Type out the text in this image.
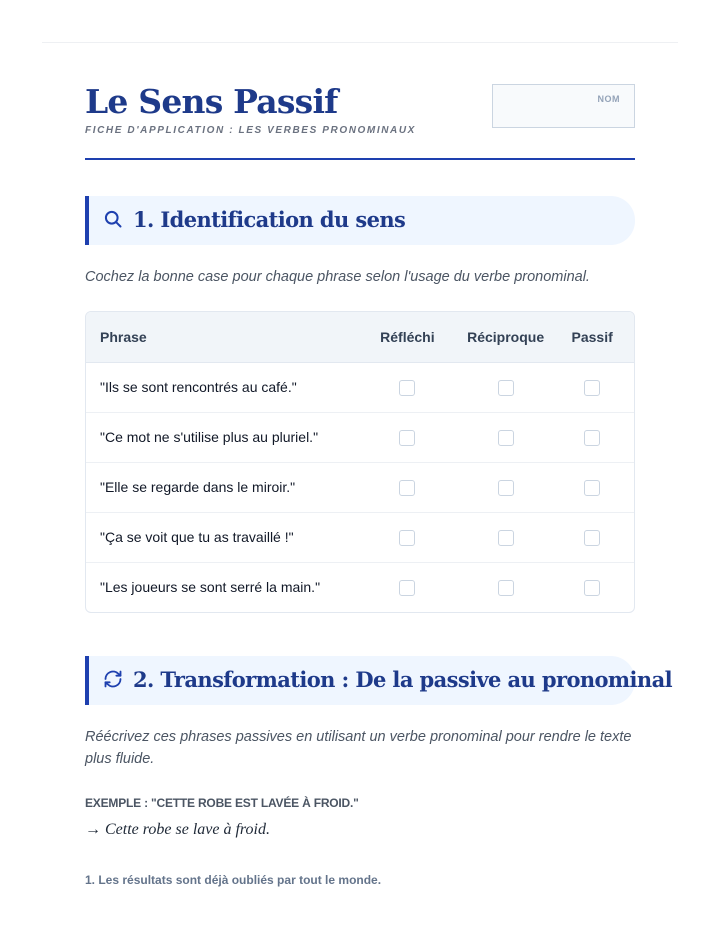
Le Sens Passif
FICHE D'APPLICATION : LES VERBES PRONOMINAUX
NOM
1. Identification du sens

Cochez la bonne case pour chaque phrase selon l'usage du verbe pronominal.

Phrase	Réfléchi	Réciproque	Passif
"Ils se sont rencontrés au café."			
"Ce mot ne s'utilise plus au pluriel."			
"Elle se regarde dans le miroir."			
"Ça se voit que tu as travaillé !"			
"Les joueurs se sont serré la main."			
2. Transformation : De la passive au pronominal

Réécrivez ces phrases passives en utilisant un verbe pronominal pour rendre le texte plus fluide.

EXEMPLE : "CETTE ROBE EST LAVÉE À FROID."
→ Cette robe se lave à froid.
1. Les résultats sont déjà oubliés par tout le monde.
